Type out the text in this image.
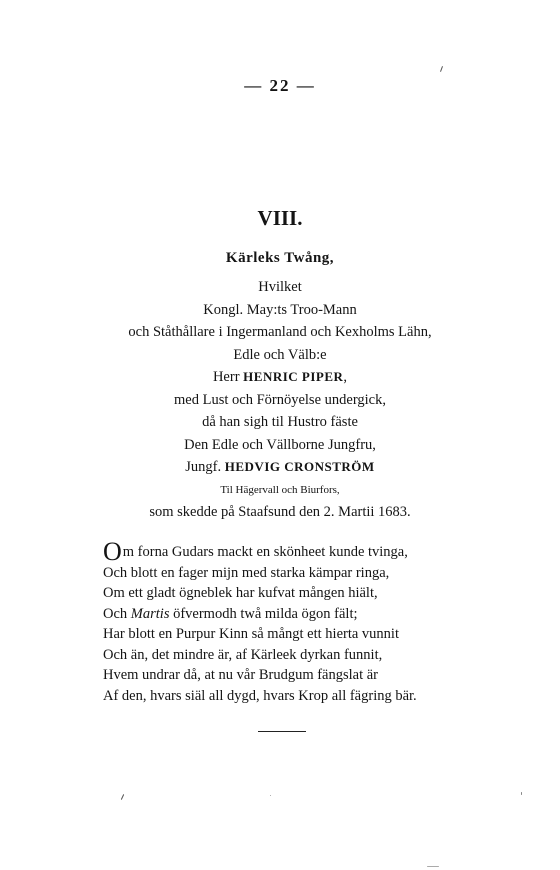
— 22 —
VIII.
Kärleks Twång,
Hvilket
Kongl. May:ts Troo-Mann
och Ståthållare i Ingermanland och Kexholms Lähn,
Edle och Välb:e
Herr HENRIC PIPER,
med Lust och Förnöyelse undergick,
då han sigh til Hustro fäste
Den Edle och Vällborne Jungfru,
Jungf. HEDVIG CRONSTRÖM
Til Hägervall och Biurfors,
som skedde på Staafsund den 2. Martii 1683.
Om forna Gudars mackt en skönheet kunde tvinga,
Och blott en fager mijn med starka kämpar ringa,
Om ett gladt ögneblek har kufvat mången hiält,
Och Martis öfvermodh twå milda ögon fält;
Har blott en Purpur Kinn så mångt ett hierta vunnit
Och än, det mindre är, af Kärleek dyrkan funnit,
Hvem undrar då, at nu vår Brudgum fängslat är
Af den, hvars siäl all dygd, hvars Krop all fägring bär.
